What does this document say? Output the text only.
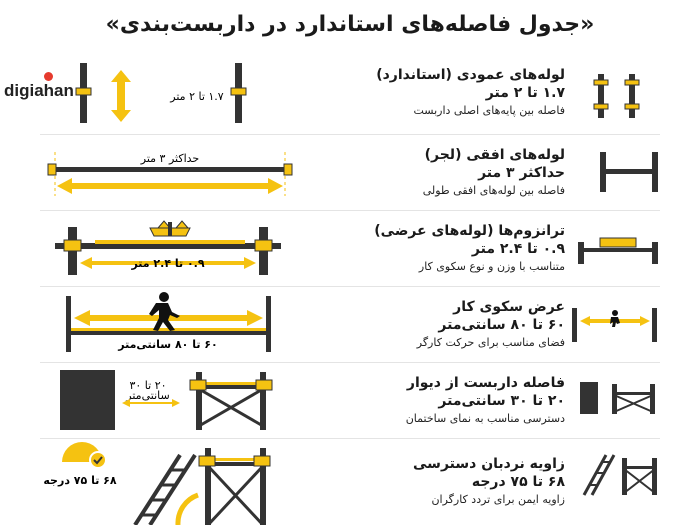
«جدول فاصله‌های استاندارد در داربست‌بندی»
digiahan
لوله‌های عمودی (استاندارد)
۱.۷ تا ۲ متر
فاصله بین پایه‌های اصلی داربست
۱.۷ تا ۲ متر
لوله‌های افقی (لجر)
حداکثر ۳ متر
فاصله بین لوله‌های افقی طولی
حداکثر ۳ متر
ترانزوم‌ها (لوله‌های عرضی)
۰.۹ تا ۲.۴ متر
متناسب با وزن و نوع سکوی کار
۰.۹ تا ۲.۴ متر
عرض سکوی کار
۶۰ تا ۸۰ سانتی‌متر
فضای مناسب برای حرکت کارگر
۶۰ تا ۸۰ سانتی‌متر
فاصله داربست از دیوار
۲۰ تا ۳۰ سانتی‌متر
دسترسی مناسب به نمای ساختمان
۲۰ تا ۳۰
سانتی‌متر
زاویه نردبان دسترسی
۶۸ تا ۷۵ درجه
زاویه ایمن برای تردد کارگران
۶۸ تا ۷۵ درجه
